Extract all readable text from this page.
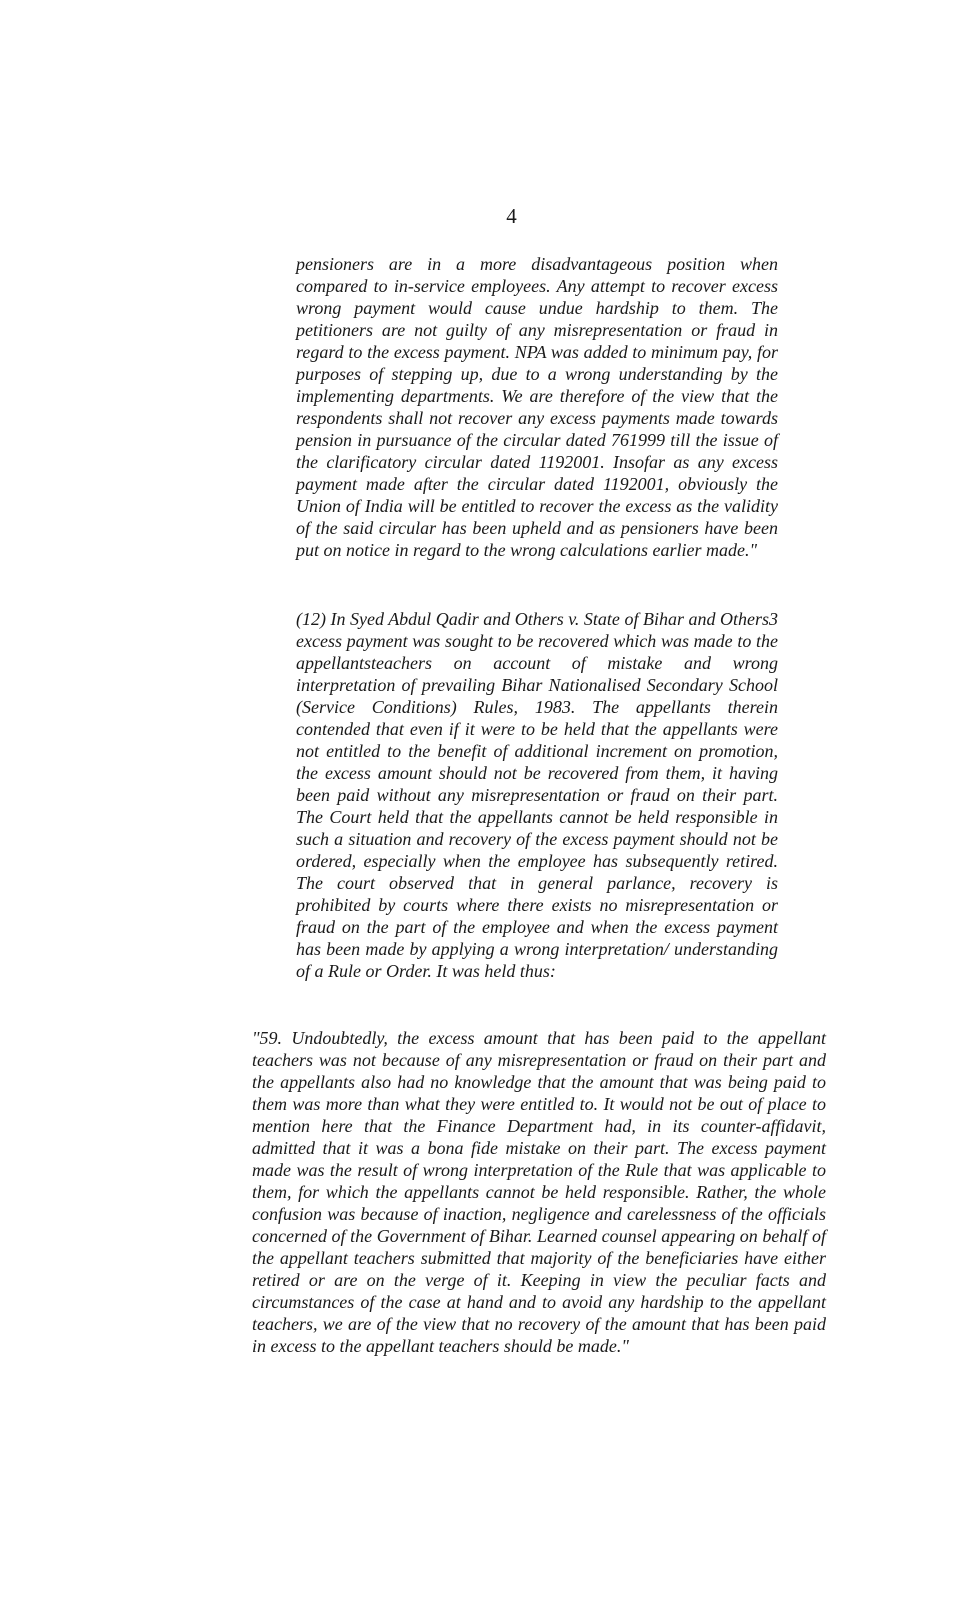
4

pensioners are in a more disadvantageous position when compared to in-service employees. Any attempt to recover excess wrong payment would cause undue hardship to them. The petitioners are not guilty of any misrepresentation or fraud in regard to the excess payment. NPA was added to minimum pay, for purposes of stepping up, due to a wrong understanding by the implementing departments. We are therefore of the view that the respondents shall not recover any excess payments made towards pension in pursuance of the circular dated 761999 till the issue of the clarificatory circular dated 1192001. Insofar as any excess payment made after the circular dated 1192001, obviously the Union of India will be entitled to recover the excess as the validity of the said circular has been upheld and as pensioners have been put on notice in regard to the wrong calculations earlier made."

(12) In Syed Abdul Qadir and Others v. State of Bihar and Others3 excess payment was sought to be recovered which was made to the appellantsteachers on account of mistake and wrong interpretation of prevailing Bihar Nationalised Secondary School (Service Conditions) Rules, 1983. The appellants therein contended that even if it were to be held that the appellants were not entitled to the benefit of additional increment on promotion, the excess amount should not be recovered from them, it having been paid without any misrepresentation or fraud on their part. The Court held that the appellants cannot be held responsible in such a situation and recovery of the excess payment should not be ordered, especially when the employee has subsequently retired. The court observed that in general parlance, recovery is prohibited by courts where there exists no misrepresentation or fraud on the part of the employee and when the excess payment has been made by applying a wrong interpretation/ understanding of a Rule or Order. It was held thus:

"59. Undoubtedly, the excess amount that has been paid to the appellant teachers was not because of any misrepresentation or fraud on their part and the appellants also had no knowledge that the amount that was being paid to them was more than what they were entitled to. It would not be out of place to mention here that the Finance Department had, in its counter-affidavit, admitted that it was a bona fide mistake on their part. The excess payment made was the result of wrong interpretation of the Rule that was applicable to them, for which the appellants cannot be held responsible. Rather, the whole confusion was because of inaction, negligence and carelessness of the officials concerned of the Government of Bihar. Learned counsel appearing on behalf of the appellant teachers submitted that majority of the beneficiaries have either retired or are on the verge of it. Keeping in view the peculiar facts and circumstances of the case at hand and to avoid any hardship to the appellant teachers, we are of the view that no recovery of the amount that has been paid in excess to the appellant teachers should be made."
